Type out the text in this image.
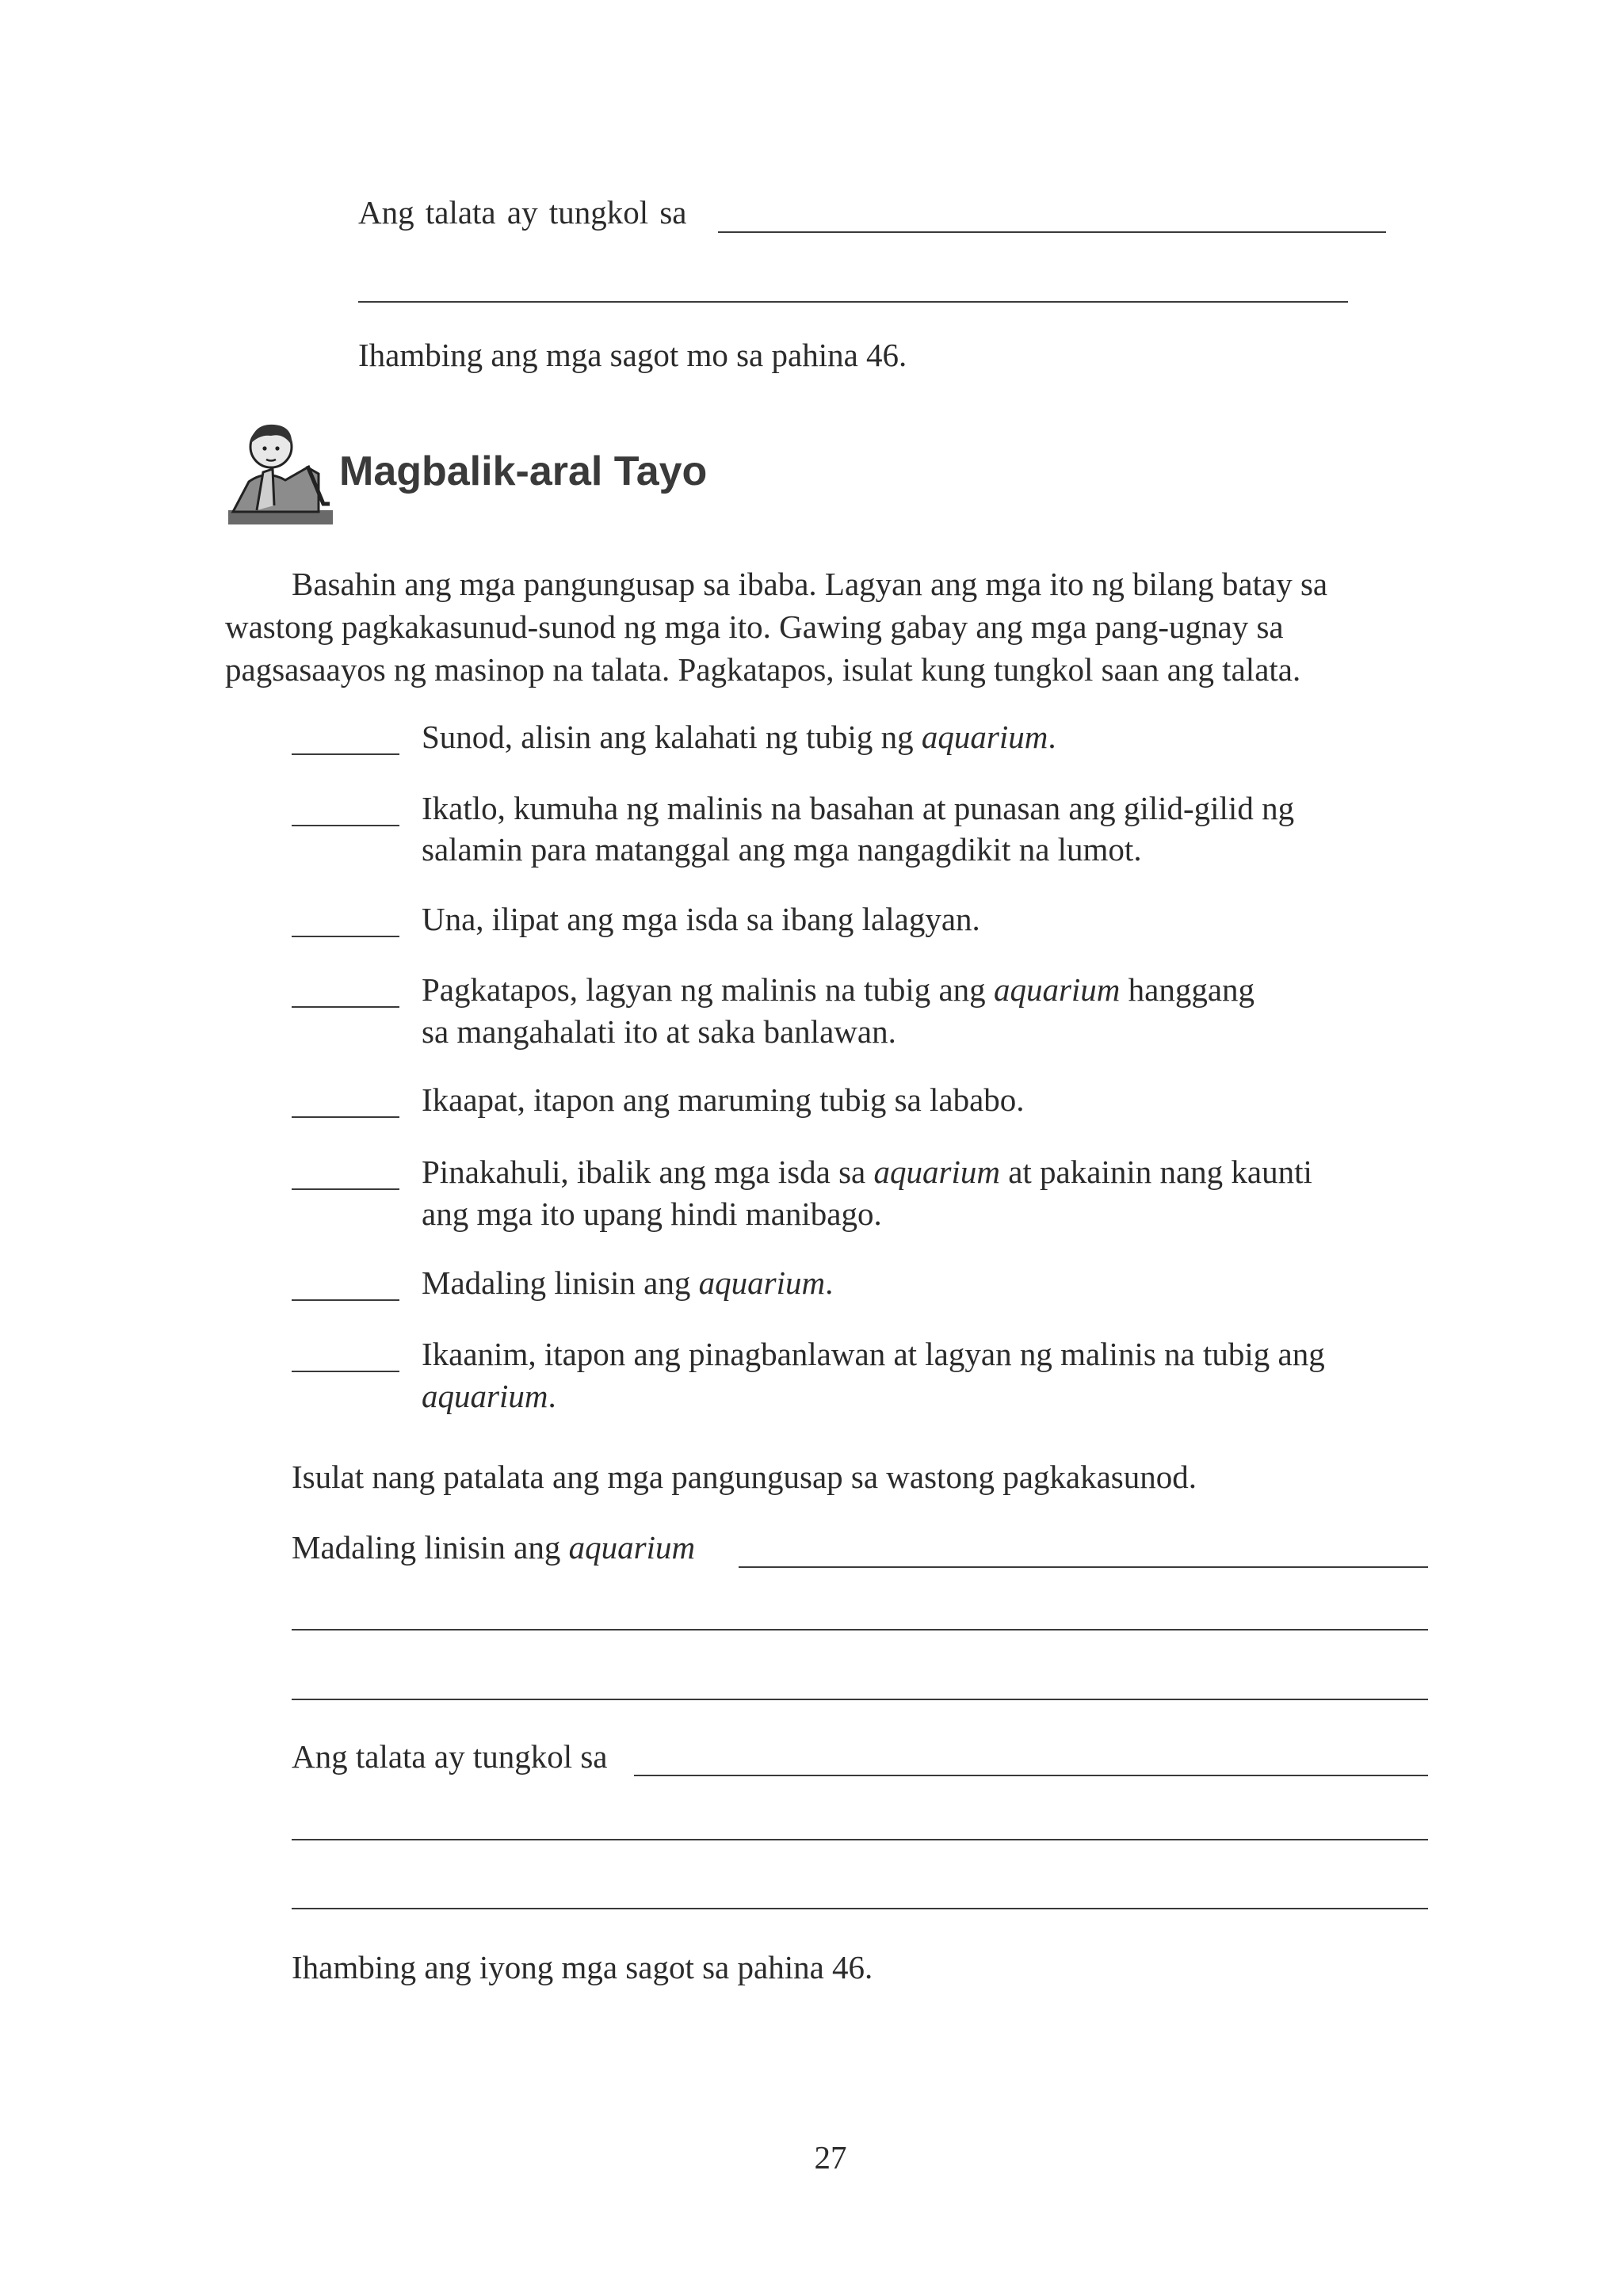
Ang talata ay tungkol sa
Ihambing ang mga sagot mo sa pahina 46.
Magbalik-aral Tayo
Basahin ang mga pangungusap sa ibaba. Lagyan ang mga ito ng bilang batay sa
wastong pagkakasunud-sunod ng mga ito. Gawing gabay ang mga pang-ugnay sa
pagsasaayos ng masinop na talata. Pagkatapos, isulat kung tungkol saan ang talata.
Sunod, alisin ang kalahati ng tubig ng aquarium.
Ikatlo, kumuha ng malinis na basahan at punasan ang gilid-gilid ng
salamin para matanggal ang mga nangagdikit na lumot.
Una, ilipat ang mga isda sa ibang lalagyan.
Pagkatapos, lagyan ng malinis na tubig ang aquarium hanggang
sa mangahalati ito at saka banlawan.
Ikaapat, itapon ang maruming tubig sa lababo.
Pinakahuli, ibalik ang mga isda sa aquarium at pakainin nang kaunti
ang mga ito upang hindi manibago.
Madaling linisin ang aquarium.
Ikaanim, itapon ang pinagbanlawan at lagyan ng malinis na tubig ang
aquarium.
Isulat nang patalata ang mga pangungusap sa wastong pagkakasunod.
Madaling linisin ang aquarium
Ang talata ay tungkol sa
Ihambing ang iyong mga sagot sa pahina 46.
27
